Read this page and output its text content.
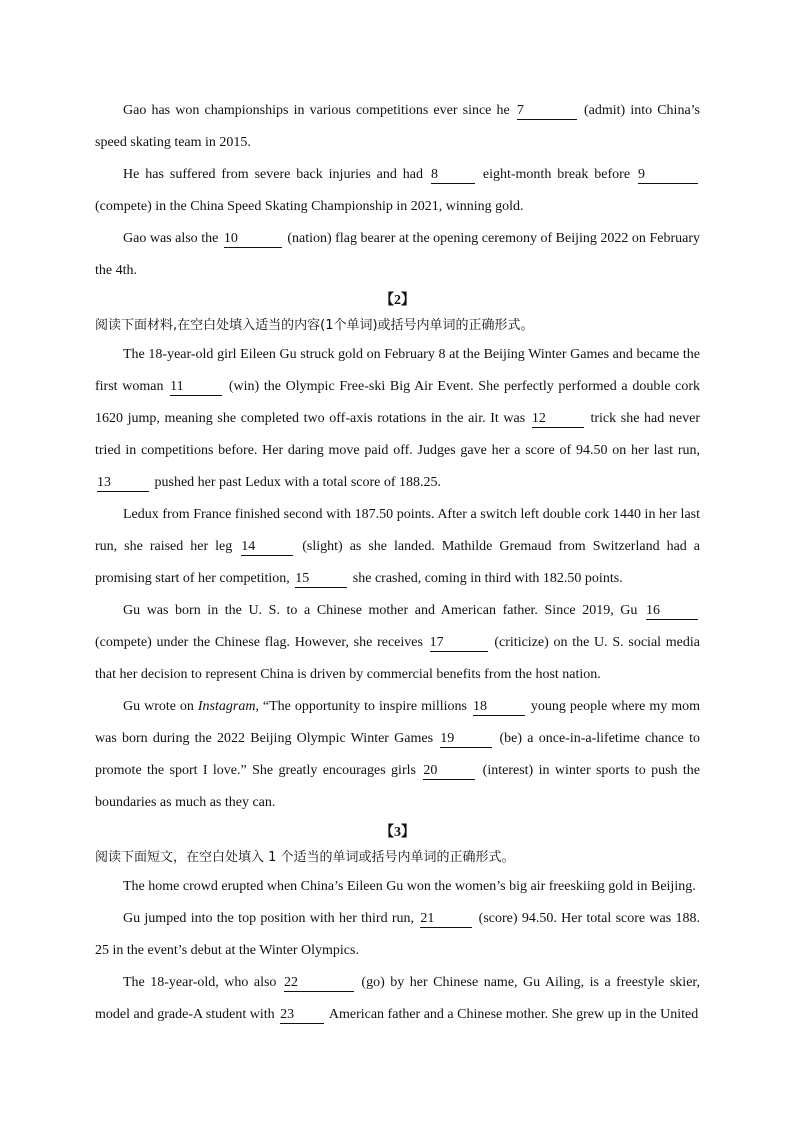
Gao has won championships in various competitions ever since he 7	(admit) into China’s speed skating team in 2015.

He has suffered from severe back injuries and had 8	eight-month break before 9 (compete) in the China Speed Skating Championship in 2021, winning gold.

Gao was also the 10	(nation) flag bearer at the opening ceremony of Beijing 2022 on February the 4th.

【2】

阅读下面材料,在空白处填入适当的内容(1个单词)或括号内单词的正确形式。

The 18-year-old girl Eileen Gu struck gold on February 8 at the Beijing Winter Games and became the first woman 11	(win) the Olympic Free-ski Big Air Event. She perfectly performed a double cork 1620 jump, meaning she completed two off-axis rotations in the air. It was 12	trick she had never tried in competitions before. Her daring move paid off. Judges gave her a score of 94.50 on her last run, 13	pushed her past Ledux with a total score of 188.25.

Ledux from France finished second with 187.50 points. After a switch left double cork 1440 in her last run, she raised her leg 14	(slight) as she landed. Mathilde Gremaud from Switzerland had a promising start of her competition, 15	she crashed, coming in third with 182.50 points.

Gu was born in the U. S. to a Chinese mother and American father. Since 2019, Gu 16 (compete) under the Chinese flag. However, she receives 17	(criticize) on the U. S. social media that her decision to represent China is driven by commercial benefits from the host nation.

Gu wrote on Instagram, “The opportunity to inspire millions 18	young people where my mom was born during the 2022 Beijing Olympic Winter Games 19	(be) a once-in-a-lifetime chance to promote the sport I love.” She greatly encourages girls 20	(interest) in winter sports to push the boundaries as much as they can.

【3】

阅读下面短文，在空白处填入 1 个适当的单词或括号内单词的正确形式。

The home crowd erupted when China’s Eileen Gu won the women’s big air freeskiing gold in Beijing.

Gu jumped into the top position with her third run, 21	(score) 94.50. Her total score was 188. 25 in the event’s debut at the Winter Olympics.

The 18-year-old, who also 22	(go) by her Chinese name, Gu Ailing, is a freestyle skier, model and grade-A student with 23 American father and a Chinese mother. She grew up in the United
